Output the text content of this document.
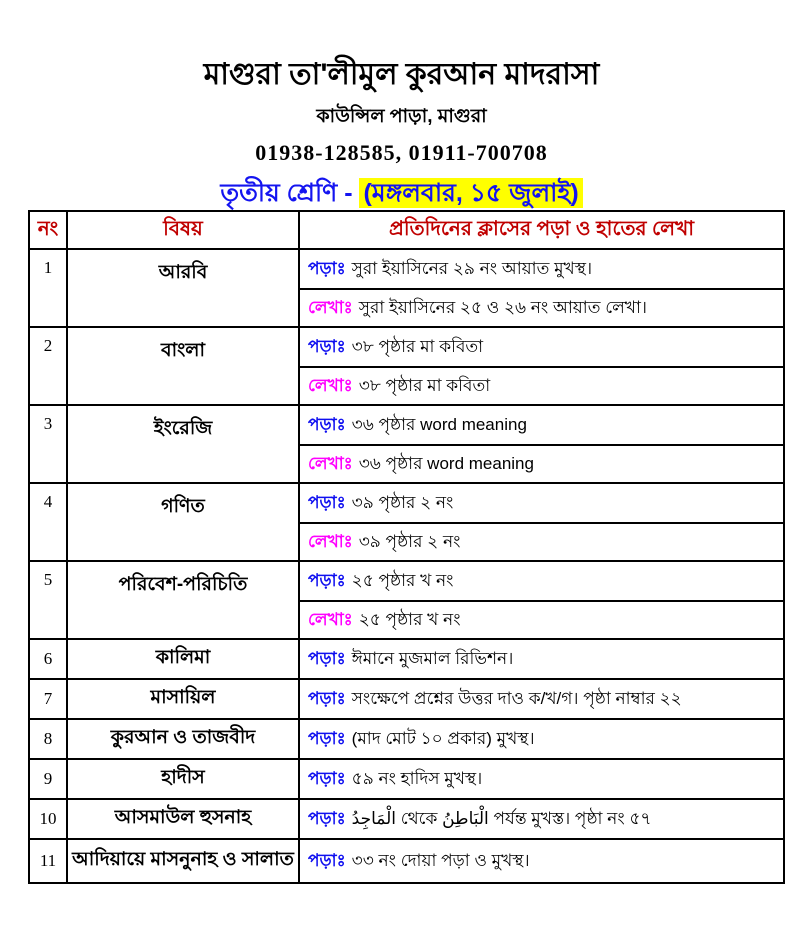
মাগুরা তা'লীমুল কুরআন মাদরাসা
কাউন্সিল পাড়া, মাগুরা
01938-128585, 01911-700708
তৃতীয় শ্রেণি - (মঙ্গলবার, ১৫ জুলাই)
নং	বিষয়	প্রতিদিনের ক্লাসের পড়া ও হাতের লেখা
1	আরবি	পড়াঃ সুরা ইয়াসিনের ২৯ নং আয়াত মুখস্থ।
লেখাঃ সুরা ইয়াসিনের ২৫ ও ২৬ নং আয়াত লেখা।

2	বাংলা	পড়াঃ ৩৮ পৃষ্ঠার মা কবিতা
লেখাঃ ৩৮ পৃষ্ঠার মা কবিতা

3	ইংরেজি	পড়াঃ ৩৬ পৃষ্ঠার word meaning
লেখাঃ ৩৬ পৃষ্ঠার word meaning

4	গণিত	পড়াঃ ৩৯ পৃষ্ঠার ২ নং
লেখাঃ ৩৯ পৃষ্ঠার ২ নং

5	পরিবেশ-পরিচিতি	পড়াঃ ২৫ পৃষ্ঠার খ নং
লেখাঃ ২৫ পৃষ্ঠার খ নং

6	কালিমা	পড়াঃ ঈমানে মুজমাল রিভিশন।

7	মাসায়িল	পড়াঃ সংক্ষেপে প্রশ্নের উত্তর দাও ক/খ/গ। পৃষ্ঠা নাম্বার ২২

8	কুরআন ও তাজবীদ	পড়াঃ (মাদ মোট ১০ প্রকার) মুখস্থ।

9	হাদীস	পড়াঃ ৫৯ নং হাদিস মুখস্থ।

10	আসমাউল হুসনাহ	পড়াঃ الْمَاجِدُ থেকে الْبَاطِنُ পর্যন্ত মুখস্ত। পৃষ্ঠা নং ৫৭

11	আদিয়ায়ে মাসনুনাহ ও সালাত	পড়াঃ ৩৩ নং দোয়া পড়া ও মুখস্থ।
